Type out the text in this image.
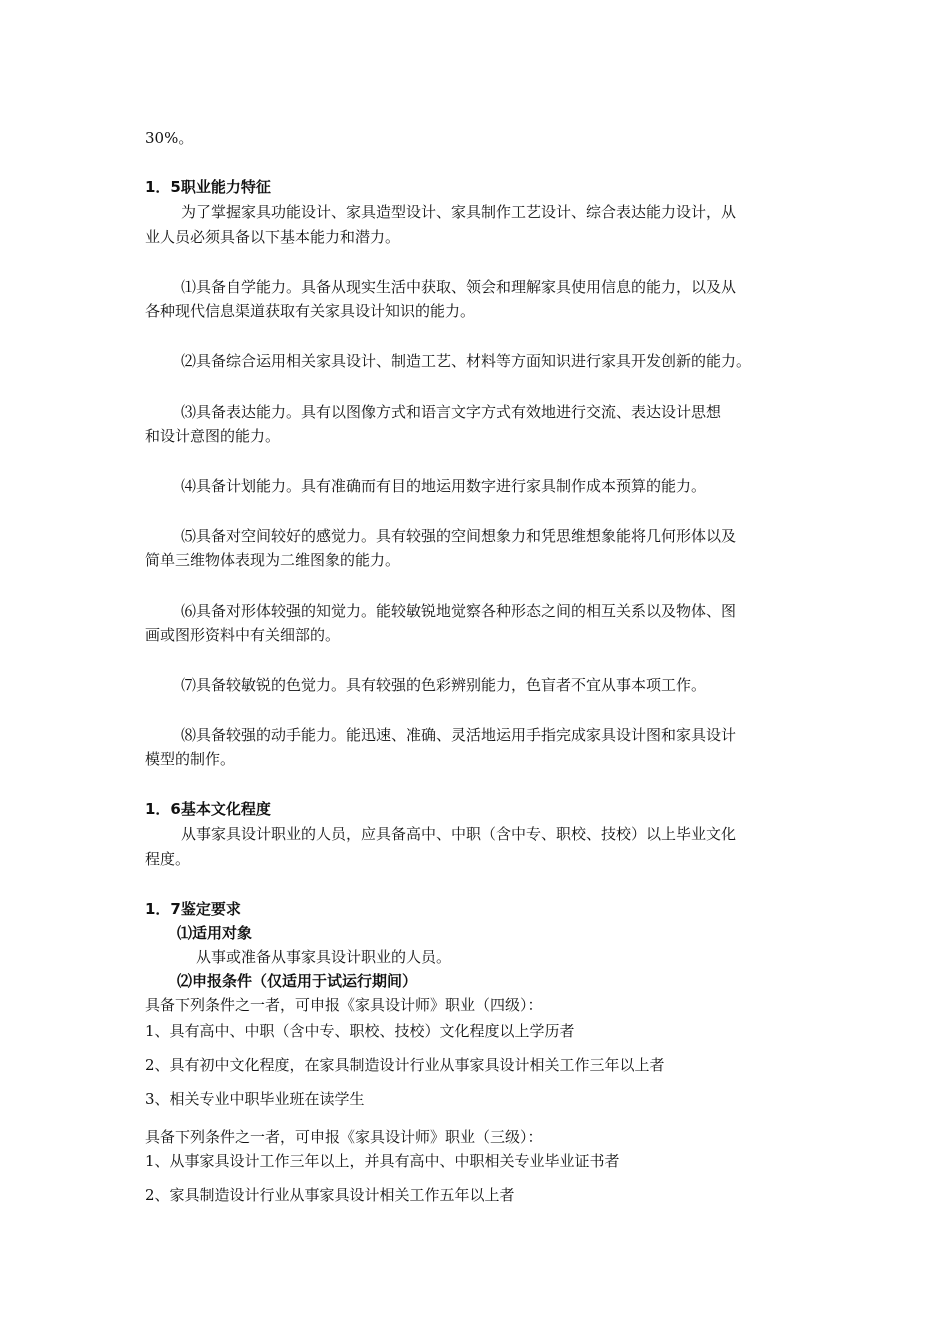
30%。
1．5职业能力特征
为了掌握家具功能设计、家具造型设计、家具制作工艺设计、综合表达能力设计，从
业人员必须具备以下基本能力和潜力。
⑴具备自学能力。具备从现实生活中获取、领会和理解家具使用信息的能力，以及从
各种现代信息渠道获取有关家具设计知识的能力。
⑵具备综合运用相关家具设计、制造工艺、材料等方面知识进行家具开发创新的能力。
⑶具备表达能力。具有以图像方式和语言文字方式有效地进行交流、表达设计思想
和设计意图的能力。
⑷具备计划能力。具有准确而有目的地运用数字进行家具制作成本预算的能力。
⑸具备对空间较好的感觉力。具有较强的空间想象力和凭思维想象能将几何形体以及
简单三维物体表现为二维图象的能力。
⑹具备对形体较强的知觉力。能较敏锐地觉察各种形态之间的相互关系以及物体、图
画或图形资料中有关细部的。
⑺具备较敏锐的色觉力。具有较强的色彩辨别能力，色盲者不宜从事本项工作。
⑻具备较强的动手能力。能迅速、准确、灵活地运用手指完成家具设计图和家具设计
模型的制作。
1．6基本文化程度
从事家具设计职业的人员，应具备高中、中职（含中专、职校、技校）以上毕业文化
程度。
1．7鉴定要求
⑴适用对象
从事或准备从事家具设计职业的人员。
⑵申报条件（仅适用于试运行期间）
具备下列条件之一者，可申报《家具设计师》职业（四级）：
1、具有高中、中职（含中专、职校、技校）文化程度以上学历者
2、具有初中文化程度，在家具制造设计行业从事家具设计相关工作三年以上者
3、相关专业中职毕业班在读学生
具备下列条件之一者，可申报《家具设计师》职业（三级）：
1、从事家具设计工作三年以上，并具有高中、中职相关专业毕业证书者
2、家具制造设计行业从事家具设计相关工作五年以上者
